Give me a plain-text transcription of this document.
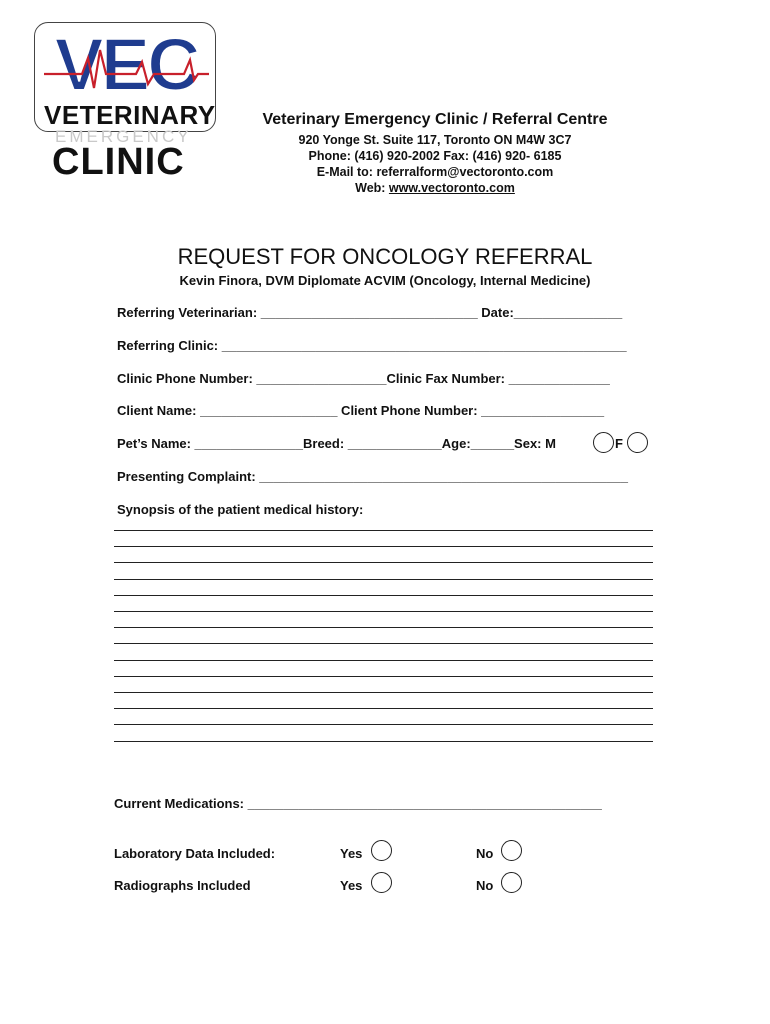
VEC
VETERINARY
EMERGENCY
CLINIC
Veterinary Emergency Clinic / Referral Centre
920 Yonge St. Suite 117, Toronto ON M4W 3C7
Phone: (416) 920-2002 Fax: (416) 920- 6185
E-Mail to: referralform@vectoronto.com
Web: www.vectoronto.com
REQUEST FOR ONCOLOGY REFERRAL
Kevin Finora, DVM Diplomate ACVIM (Oncology, Internal Medicine)
Referring Veterinarian: ______________________________ Date:_______________
Referring Clinic: ________________________________________________________
Clinic Phone Number: __________________Clinic Fax Number: ______________
Client Name: ___________________ Client Phone Number: _________________
Pet’s Name: _______________Breed: _____________Age:______Sex: M	F
Presenting Complaint: ___________________________________________________
Synopsis of the patient medical history:
Current Medications: _________________________________________________
Laboratory Data Included:	Yes	No
Radiographs Included	Yes	No
